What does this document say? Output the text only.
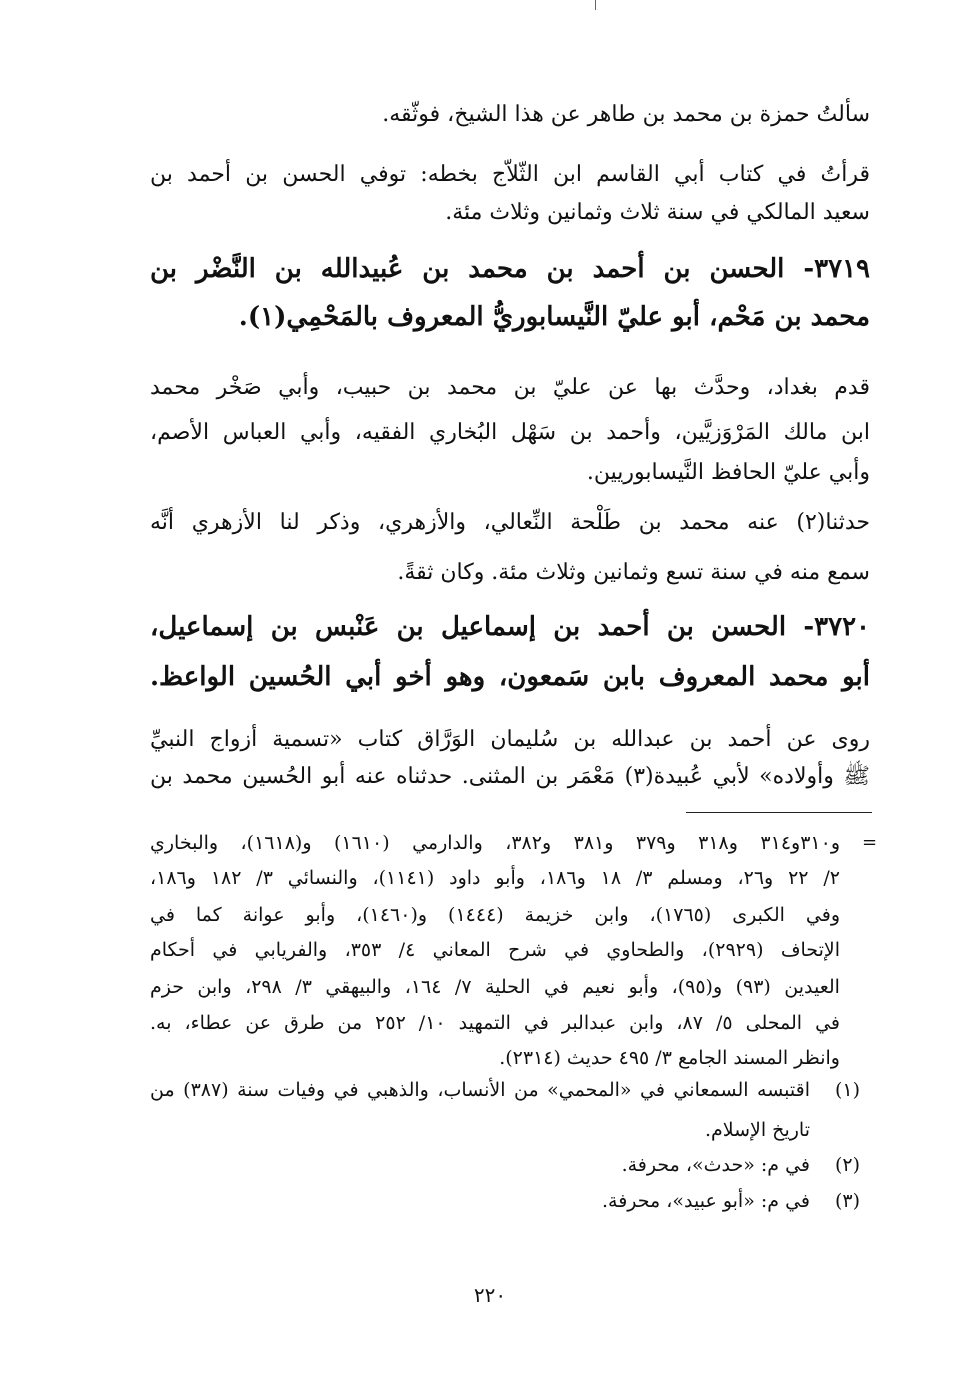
سألتُ حمزة بن محمد بن طاهر عن هذا الشيخ، فوثّقه.
قرأتُ في كتاب أبي القاسم ابن الثّلاّج بخطه: توفي الحسن بن أحمد بن
سعيد المالكي في سنة ثلاث وثمانين وثلاث مئة.
٣٧١٩- الحسن بن أحمد بن محمد بن عُبيدالله بن النَّضْر بن
محمد بن مَحْم، أبو عليّ النَّيسابوريُّ المعروف بالمَحْمِي(١).
قدم بغداد، وحدَّث بها عن عليّ بن محمد بن حبيب، وأبي صَخْر محمد
ابن مالك المَرْوَزيَّين، وأحمد بن سَهْل البُخاري الفقيه، وأبي العباس الأصم،
وأبي عليّ الحافظ النَّيسابوريين.
حدثنا(٢) عنه محمد بن طَلْحة النِّعالي، والأزهري، وذكر لنا الأزهري أنَّه
سمع منه في سنة تسع وثمانين وثلاث مئة. وكان ثقةً.
٣٧٢٠- الحسن بن أحمد بن إسماعيل بن عَنْبس بن إسماعيل،
أبو محمد المعروف بابن سَمعون، وهو أخو أبي الحُسين الواعظ.
روى عن أحمد بن عبدالله بن سُليمان الوَرَّاق كتاب «تسمية أزواج النبيِّ
ﷺ وأولاده» لأبي عُبيدة(٣) مَعْمَر بن المثنى. حدثناه عنه أبو الحُسين محمد بن
=
و٣١٠و٣١٤ و٣١٨ و٣٧٩ و٣٨١ و٣٨٢، والدارمي (١٦١٠) و(١٦١٨)، والبخاري
٢/ ٢٢ و٢٦، ومسلم ٣/ ١٨ و١٨٦، وأبو داود (١١٤١)، والنسائي ٣/ ١٨٢ و١٨٦،
وفي الكبرى (١٧٦٥)، وابن خزيمة (١٤٤٤) و(١٤٦٠)، وأبو عوانة كما في
الإتحاف (٢٩٢٩)، والطحاوي في شرح المعاني ٤/ ٣٥٣، والفريابي في أحكام
العيدين (٩٣) و(٩٥)، وأبو نعيم في الحلية ٧/ ١٦٤، والبيهقي ٣/ ٢٩٨، وابن حزم
في المحلى ٥/ ٨٧، وابن عبدالبر في التمهيد ١٠/ ٢٥٢ من طرق عن عطاء، به.
وانظر المسند الجامع ٣/ ٤٩٥ حديث (٢٣١٤).
(١)
اقتبسه السمعاني في «المحمي» من الأنساب، والذهبي في وفيات سنة (٣٨٧) من
تاريخ الإسلام.
(٢)
في م: «حدث»، محرفة.
(٣)
في م: «أبو عبيد»، محرفة.
٢٢٠
